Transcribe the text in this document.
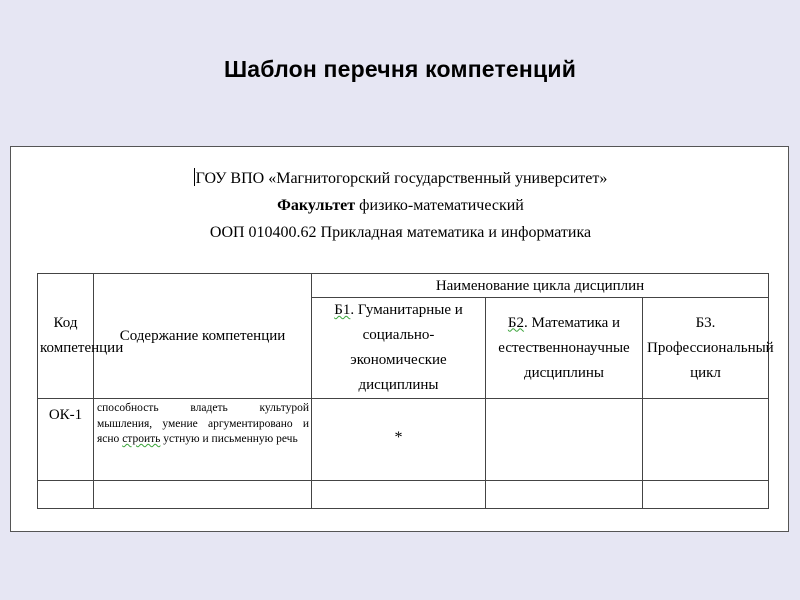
Шаблон перечня компетенций
ГОУ ВПО «Магнитогорский государственный университет»
Факультет физико-математический
ООП 010400.62 Прикладная математика и информатика
Код компетенции	Содержание компетенции	Наименование цикла дисциплин		
		Б1. Гуманитарные и социально-экономические дисциплины	Б2. Математика и естественнонаучные дисциплины	Б3. Профессиональный цикл
ОК-1	способность владеть культурой мышления, умение аргументировано и ясно строить устную и письменную речь	*		
